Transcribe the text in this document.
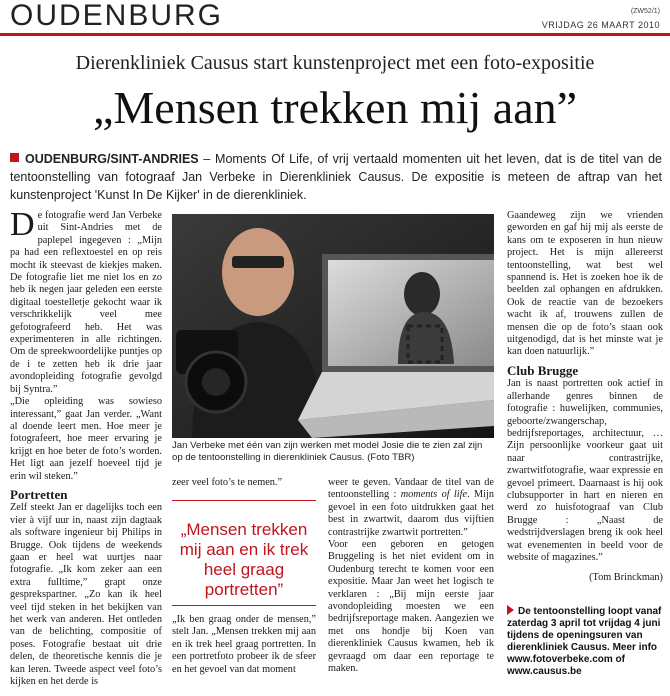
OUDENBURG	(ZW52/1)
VRIJDAG 26 MAART 2010
Dierenkliniek Causus start kunstenproject met een foto-expositie
„Mensen trekken mij aan”
OUDENBURG/SINT-ANDRIES – Moments Of Life, of vrij vertaald momenten uit het leven, dat is de titel van de tentoonstelling van fotograaf Jan Verbeke in Dierenkliniek Causus. De expositie is meteen de aftrap van het kunstenproject 'Kunst In De Kijker' in de dierenkliniek.

De fotografie werd Jan Verbeke uit Sint-Andries met de paplepel ingegeven : „Mijn pa had een reflextoestel en op reis mocht ik steevast de kiekjes maken. De fotografie liet me niet los en zo heb ik negen jaar geleden een eerste digitaal toestelletje gekocht waar ik verschrikkelijk veel mee gefotografeerd heb. Het was experimenteren in alle richtingen. Om de spreekwoordelijke puntjes op de i te zetten heb ik drie jaar avondopleiding fotografie gevolgd bij Syntra.”

„Die opleiding was sowieso interessant,” gaat Jan verder. „Want al doende leert men. Hoe meer je fotografeert, hoe meer ervaring je krijgt en hoe beter de foto’s worden. Het ligt aan jezelf hoeveel tijd je erin wil steken.”

Portretten

Zelf steekt Jan er dagelijks toch een vier à vijf uur in, naast zijn dagtaak als software ingenieur bij Philips in Brugge. Ook tijdens de weekends gaan er heel wat uurtjes naar fotografie. „Ik kom zeker aan een extra fulltime,” grapt onze gesprekspartner. „Zo kan ik heel veel tijd steken in het bekijken van het werk van anderen. Het ontleden van de belichting, compositie of poses. Fotografie bestaat uit drie delen, de theoretische kennis die je kan leren. Tweede aspect veel foto’s kijken en het derde is

Jan Verbeke met één van zijn werken met model Josie die te zien zal zijn op de tentoonstelling in dierenkliniek Causus. (Foto TBR)

zeer veel foto’s te nemen.”

„Mensen trekken mij aan en ik trek heel graag portretten”

„Ik ben graag onder de mensen,” stelt Jan. „Mensen trekken mij aan en ik trek heel graag portretten. In een portretfoto probeer ik de sfeer en het gevoel van dat moment

weer te geven. Vandaar de titel van de tentoonstelling : moments of life. Mijn gevoel in een foto uitdrukken gaat het best in zwartwit, daarom dus vijftien contrastrijke zwartwit portretten.”

Voor een geboren en getogen Bruggeling is het niet evident om in Oudenburg terecht te komen voor een expositie. Maar Jan weet het logisch te verklaren : „Bij mijn eerste jaar avondopleiding moesten we een bedrijfsreportage maken. Aangezien we met ons hondje bij Koen van dierenkliniek Causus kwamen, heb ik gevraagd om daar een reportage te maken.

Gaandeweg zijn we vrienden geworden en gaf hij mij als eerste de kans om te exposeren in hun nieuw project. Het is mijn allereerst tentoonstelling, wat best wel spannend is. Het is zoeken hoe ik de beelden zal ophangen en afdrukken. Ook de reactie van de bezoekers wacht ik af, trouwens zullen de mensen die op de foto’s staan ook uitgenodigd, dat is het minste wat je kan doen natuurlijk.”

Club Brugge

Jan is naast portretten ook actief in allerhande genres binnen de fotografie : huwelijken, communies, geboorte/zwangerschap, bedrijfsreportages, architectuur, … Zijn persoonlijke voorkeur gaat uit naar contrastrijke, zwartwitfotografie, waar expressie en gevoel primeert. Daarnaast is hij ook clubsupporter in hart en nieren en werd zo huisfotograaf van Club Brugge : „Naast de wedstrijdverslagen breng ik ook heel wat evenementen in beeld voor de website of magazines.”

(Tom Brinckman)

De tentoonstelling loopt vanaf zaterdag 3 april tot vrijdag 4 juni tijdens de openingsuren van dierenkliniek Causus. Meer info www.fotoverbeke.com of www.causus.be
